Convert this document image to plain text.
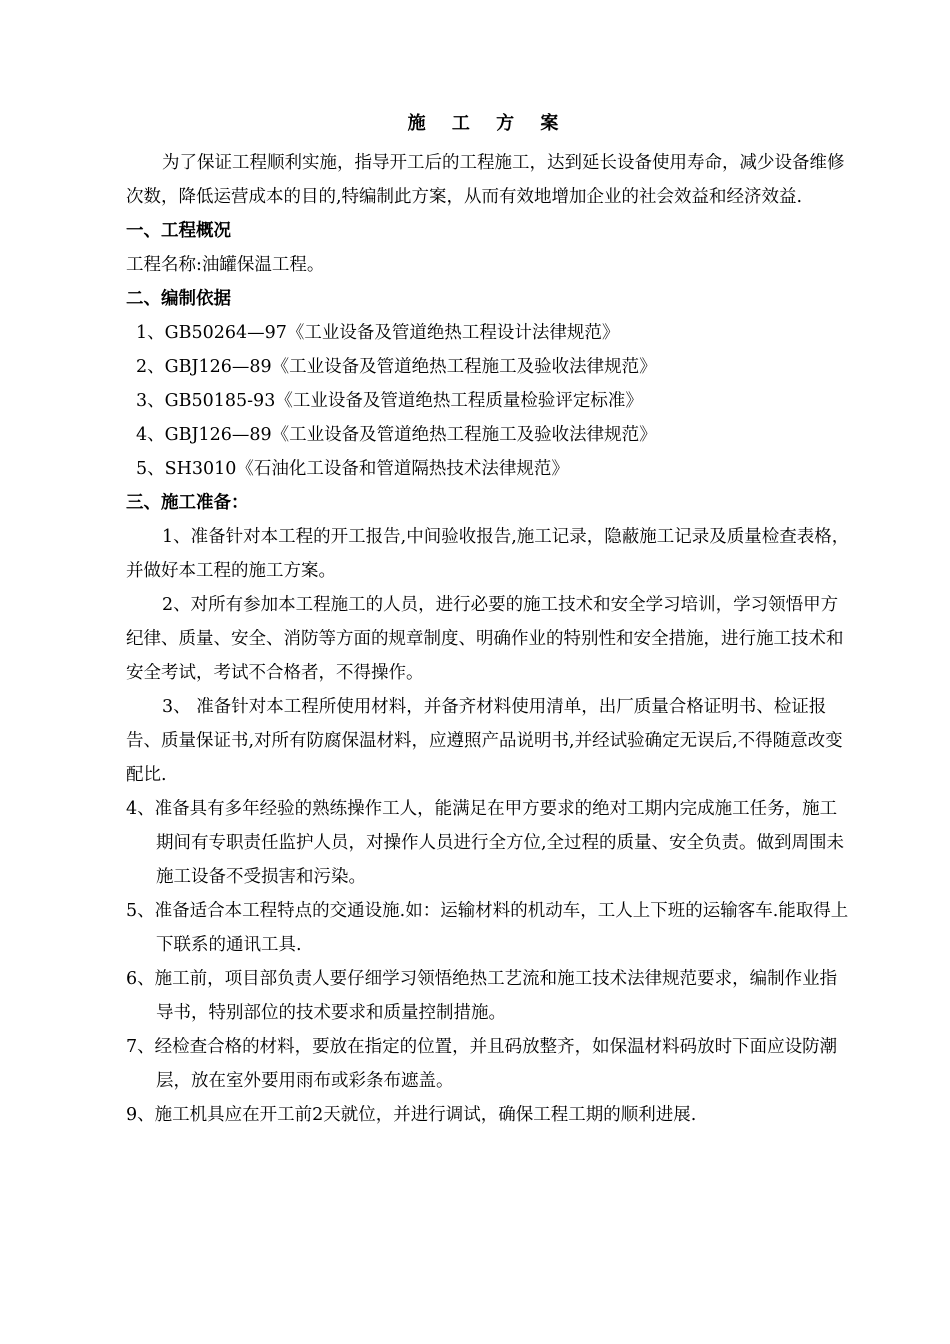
施 工 方 案

为了保证工程顺利实施，指导开工后的工程施工，达到延长设备使用寿命，减少设备维修次数，降低运营成本的目的,特编制此方案，从而有效地增加企业的社会效益和经济效益.

一、工程概况

工程名称:油罐保温工程。

二、编制依据

1、GB50264—97《工业设备及管道绝热工程设计法律规范》

2、GBJ126—89《工业设备及管道绝热工程施工及验收法律规范》

3、GB50185-93《工业设备及管道绝热工程质量检验评定标准》

4、GBJ126—89《工业设备及管道绝热工程施工及验收法律规范》

5、SH3010《石油化工设备和管道隔热技术法律规范》

三、施工准备：

1、准备针对本工程的开工报告,中间验收报告,施工记录，隐蔽施工记录及质量检查表格，并做好本工程的施工方案。

2、对所有参加本工程施工的人员，进行必要的施工技术和安全学习培训，学习领悟甲方纪律、质量、安全、消防等方面的规章制度、明确作业的特别性和安全措施，进行施工技术和安全考试，考试不合格者，不得操作。

3、 准备针对本工程所使用材料，并备齐材料使用清单，出厂质量合格证明书、检证报告、质量保证书,对所有防腐保温材料，应遵照产品说明书,并经试验确定无误后,不得随意改变配比.

4、准备具有多年经验的熟练操作工人，能满足在甲方要求的绝对工期内完成施工任务，施工期间有专职责任监护人员，对操作人员进行全方位,全过程的质量、安全负责。做到周围未施工设备不受损害和污染。

5、准备适合本工程特点的交通设施.如：运输材料的机动车，工人上下班的运输客车.能取得上下联系的通讯工具.

6、施工前，项目部负责人要仔细学习领悟绝热工艺流和施工技术法律规范要求，编制作业指导书，特别部位的技术要求和质量控制措施。

7、经检查合格的材料，要放在指定的位置，并且码放整齐，如保温材料码放时下面应设防潮层，放在室外要用雨布或彩条布遮盖。

9、施工机具应在开工前2天就位，并进行调试，确保工程工期的顺利进展.
